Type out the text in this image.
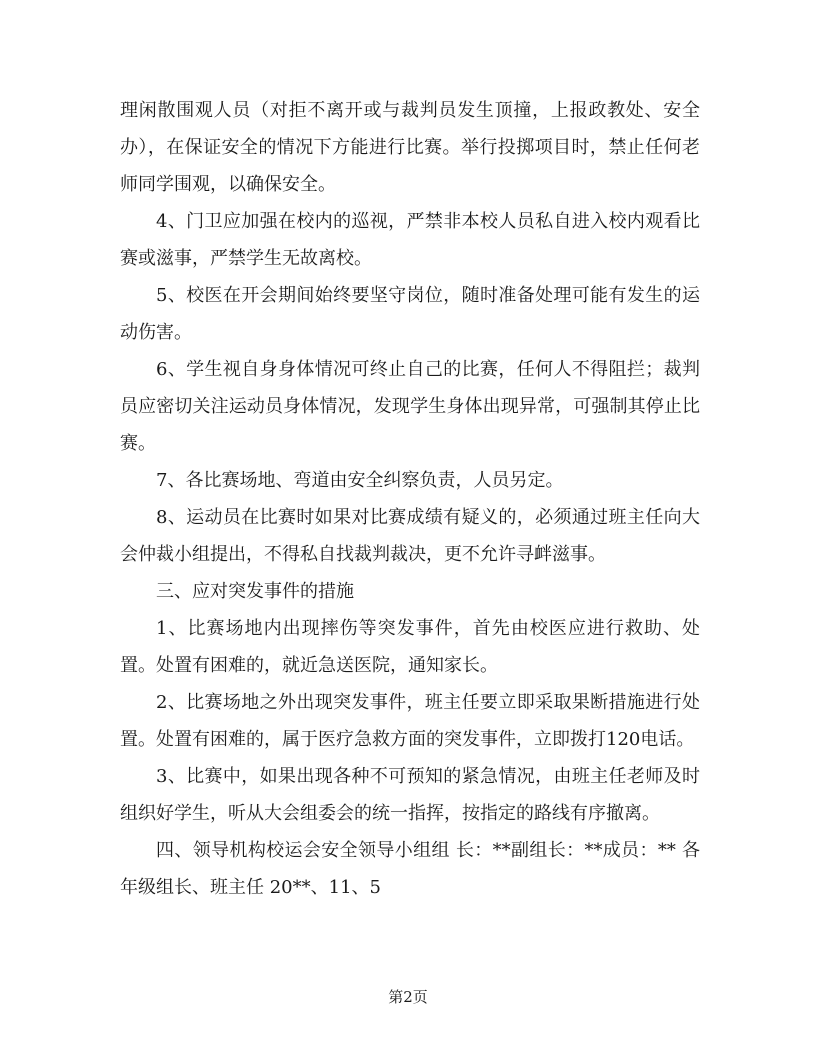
理闲散围观人员（对拒不离开或与裁判员发生顶撞，上报政教处、安全办），在保证安全的情况下方能进行比赛。举行投掷项目时，禁止任何老师同学围观，以确保安全。

4、门卫应加强在校内的巡视，严禁非本校人员私自进入校内观看比赛或滋事，严禁学生无故离校。

5、校医在开会期间始终要坚守岗位，随时准备处理可能有发生的运动伤害。

6、学生视自身身体情况可终止自己的比赛，任何人不得阻拦；裁判员应密切关注运动员身体情况，发现学生身体出现异常，可强制其停止比赛。

7、各比赛场地、弯道由安全纠察负责，人员另定。

8、运动员在比赛时如果对比赛成绩有疑义的，必须通过班主任向大会仲裁小组提出，不得私自找裁判裁决，更不允许寻衅滋事。

三、应对突发事件的措施

1、比赛场地内出现摔伤等突发事件，首先由校医应进行救助、处置。处置有困难的，就近急送医院，通知家长。

2、比赛场地之外出现突发事件，班主任要立即采取果断措施进行处置。处置有困难的，属于医疗急救方面的突发事件，立即拨打120电话。

3、比赛中，如果出现各种不可预知的紧急情况，由班主任老师及时组织好学生，听从大会组委会的统一指挥，按指定的路线有序撤离。

四、领导机构校运会安全领导小组组 长：**副组长：**成员：** 各年级组长、班主任 20**、11、5

第2页
